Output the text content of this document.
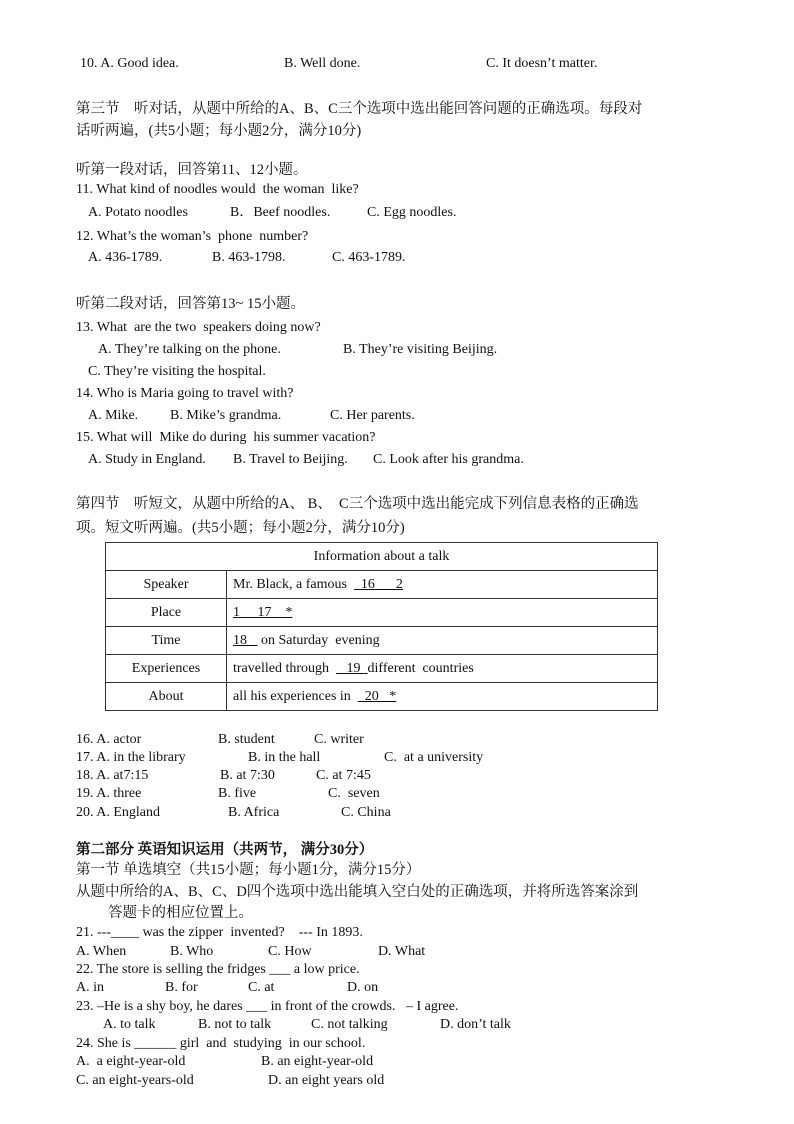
10. A. Good idea.	B. Well done.	C. It doesn’t matter.
第三节　听对话，从题中所给的A、B、C三个选项中选出能回答问题的正确选项。每段对
话听两遍，(共5小题；每小题2分，满分10分)
听第一段对话，回答第11、12小题。
11. What kind of noodles would  the woman  like?
A. Potato noodles	B．Beef noodles.	C. Egg noodles.
12. What’s the woman’s  phone  number?
A. 436-1789.	B. 463-1798.	C. 463-1789.
听第二段对话，回答第13~ 15小题。
13. What  are the two  speakers doing now?
A. They’re talking on the phone.	B. They’re visiting Beijing.
C. They’re visiting the hospital.
14. Who is Maria going to travel with?
A. Mike. B. Mike’s grandma.	C. Her parents.
15. What will  Mike do during  his summer vacation?
A. Study in England. B. Travel to Beijing. C. Look after his grandma.
第四节　听短文，从题中所给的A、 B、  C三个选项中选出能完成下列信息表格的正确选
项。短文听两遍。(共5小题；每小题2分，满分10分)
Information about a talk	
Speaker	Mr. Black, a famous    16      2
Place	1     17    *
Time	18    on Saturday  evening
Experiences	travelled through     19  different  countries
About	all his experiences in    20   *
16. A. actor	B. student	C. writer
17. A. in the library	B. in the hall	C.  at a university
18. A. at7:15	B. at 7:30	C. at 7:45
19. A. three	B. five	C.  seven
20. A. England	B. Africa	C. China
第二部分 英语知识运用（共两节， 满分30分）
第一节 单选填空（共15小题；每小题1分，满分15分）
从题中所给的A、B、C、D四个选项中选出能填入空白处的正确选项，并将所选答案涂到
答题卡的相应位置上。
21. ---____ was the zipper  invented?    --- In 1893.
A. When	B. Who	C. How	D. What
22. The store is selling the fridges ___ a low price.
A. in	B. for	C. at	D. on
23. –He is a shy boy, he dares ___ in front of the crowds.   – I agree.
A. to talk	B. not to talk	C. not talking	D. don’t talk
24. She is ______ girl  and  studying  in our school.
A.  a eight-year-old	B. an eight-year-old
C. an eight-years-old	D. an eight years old
